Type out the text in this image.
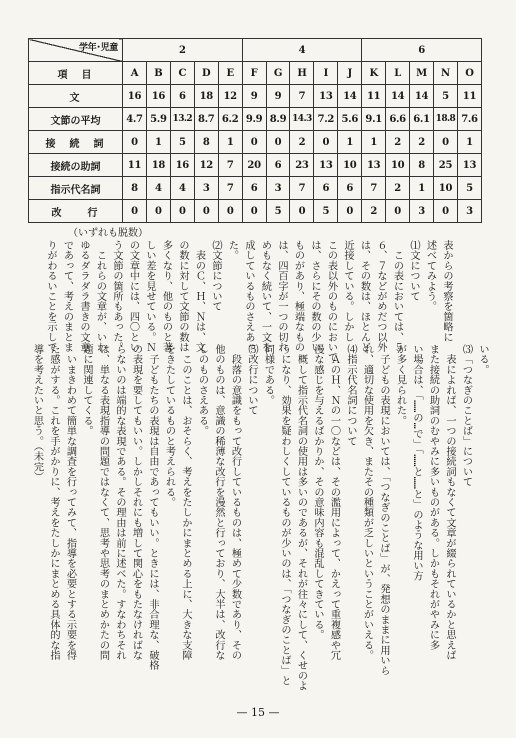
学年･児童	2					4					6				
項　目	A	B	C	D	E	F	G	H	I	J	K	L	M	N	O
文	16	16	6	18	12	9	9	7	13	14	11	14	14	5	11
文節の平均	4.7	5.9	13.2	8.7	6.2	9.9	8.9	14.3	7.2	5.6	9.1	6.6	6.1	18.8	7.6
接　続　詞	0	1	5	8	1	0	0	2	0	1	1	2	2	0	1
接続の助詞	11	18	16	12	7	20	6	23	13	10	13	10	8	25	13
指示代名詞	8	4	4	3	7	6	3	7	6	6	7	2	1	10	5
改　　行	0	0	0	0	0	0	5	0	5	0	2	0	3	0	3
（いずれも脱数）
表からの考察を箇略に
述べてみよう。
⑴文について
　この表においては、５
６、７などがめだつ以外
は、その数は、ほとんど
近接している。しかし
この表以外のものにおいて
は、さらにその数の少い
ものがあり、極端なもの
は、四百字が一つの切れ
めもなく続いて、一文を
成しているものさえあっ
た。
⑵文節について
　表のＣ、Ｈ、Ｎは、文
の数に対して文節の数は
多くなり、他のものと著
しい差を見せている。Ｎ
の文章中には、四〇とい
う文節の箇所もあった。
　これらの文章が、いわ
ゆるダラダラ書きの文章
であって、考えのまとま
りがわるいことを示して
いる。
⑶「つなぎのことば」について
　表によれば、一つの接続詞もなくて文章が綴られているかと思えば
また接続の助詞のむやみに多いものがある。しかもそれがやみに多
い場合は、「……の…で」「……と……と」のような用い方
が多く見られた。
　子どもの表現においては、「つなぎのことば」が、発想のままに用いら
れ、適切な使用を欠き、またその種類が乏しいということがいえる。
⑷指示代名詞について
　ＡのＨ、Ｎの一〇などは、その濫用によって、かえって重複感や冗
漫な感じを与えるばかりか、その意味内容も混乱してきている。
　概して指示代名詞の使用は多いのであるが、それが往々にして、くせのよ
うになり、効果を疑わしくしているものが少いのは、「つなぎのことば」と
同様である。
⑸改行について
　段落の意識をもって改行しているものは、極めて少数であり、その
他のものは、意識の稀薄な改行を漫然と行っており、大半は、改行な
しのものさえある。
　このことは、おそらく、考えをたしかにまとめる上に、大きな支障
をきたしているものと考えられる。
　子どもたちの表現は自由であってもいい。ときには、非合理な、破格
の表現を要してもいい。しかしそれにも増して関心をもたなければな
らないのは端的な表現である。その理由は前に述べた。すなわちそれ
は、単なる表現指導の問題ではなくて、思考や思考のまとめかたの問
題に関連してくる。
　いまきわめて簡単な調査を行ってみて、指導を必要とする示要を得
た感がする。これを手がかりに、考えをたしかにまとめる具体的な指
導を考えたいと思う。（未完）
— 15 —
